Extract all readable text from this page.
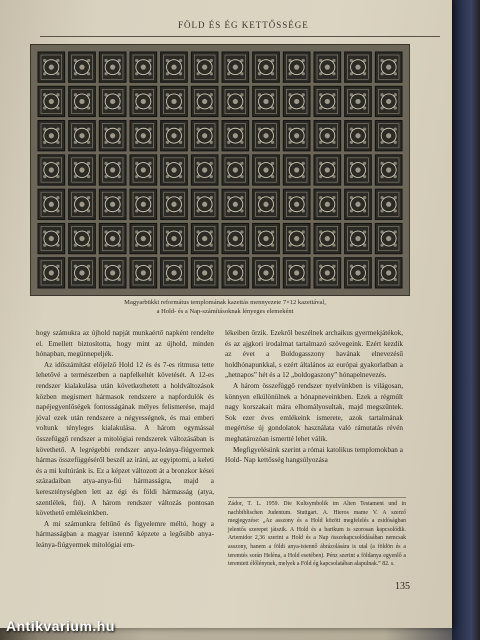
FÖLD ÉS ÉG KETTŐSSÉGE
Magyarbükki református templomának kazettás mennyezete 7×12 kazettával,
a Hold- és a Nap-számításoknak lényeges elemeként

hogy számukra az újhold napját munkaértő napként rendelte el. Emellett biztosította, hogy mint az újhold, minden hónapban, megünnepeljék.

Az időszámítást előjelző Hold 12 és és 7-es ritmusa tette lehetővé a természetben a napfelkeltét követését. A 12-es rendszer kialakulása után következhetett a holdváltozások közben megismert hármasok rendszere a napfordulók és napéjegyenlőségek fontosságának mélyes felismerése, majd jóval ezek után rendszere a négyességnek, és mai emberi voltunk tényleges kialakulása. A három egymással összefüggő rendszer a mitológiai rendszerek változásában is követhető. A legrégebbi rendszer anya-leánya-fiúgyermek hármas összefüggéséről beszél az iráni, az egyiptomi, a keleti és a mi kultúránk is. Ez a képzet változott át a bronzkor kései századaiban atya-anya-fiú hármasságra, majd a kereszténységben lett az égi és földi hármasság (atya, szentlélek, fiú). A három rendszer változás pontosan követhető emlékeinkben.

A mi számunkra feltűnő és figyelemre méltó, hogy a hármasságban a magyar istennő képzete a legősibb anya-leánya-fiúgyermek mitológiai em-

lékeiben őrzik. Ezekről beszélnek archaikus gyermekjátékok, és az ajgkori irodalmat tartalmazó szövegeink. Ezért kezdik az évet a Boldogasszony havának elnevezésű holdhónapunkkal, s ezért általános az európai gyakorlatban a „hetnapos” hét és a 12 „boldogaszony” hónapelnevezés.

A három összefüggő rendszer nyelvünkben is világosan, könnyen elkülönülnek a hónapneveinkben. Ezek a régmúlt nagy korszakait mára elhomályosultak, majd megszűntek. Sok ezer éves emlékeink ismerete, azok tartalmának megértése új gondolatok használata való rámutatás révén meghatározóan ismertté lehet válik.

Megfigyelésünk szerint a római katolikus templomokban a Hold- Nap kettősség hangsúlyozása

Zádor, T. L. 1959. Die Kultsymbolik im Alten Testament und in nachbiblischen Judentum. Stuttgart. A. Hieros mame V. A szerző megjegyzése: „Az asszony és a Hold között megfelelés a zsidóságban jelentős szerepet játszik. A Hold és a barikum is szorosan kapcsolódik. Artemidor 2,36 szerint a Hold és a Nap összekapcsolódásában nemcsak asszony, hanem a földi anya-istennő ábrázolására is utal (a földön és a teremtés során Heléna, a Hold esetében). Pénz szerint a földanya egyenlő a teremtett élőlénynek, melyek a Föld ég kapcsolatában alapulnak.” 82. s.
135
Antikvarium.hu
